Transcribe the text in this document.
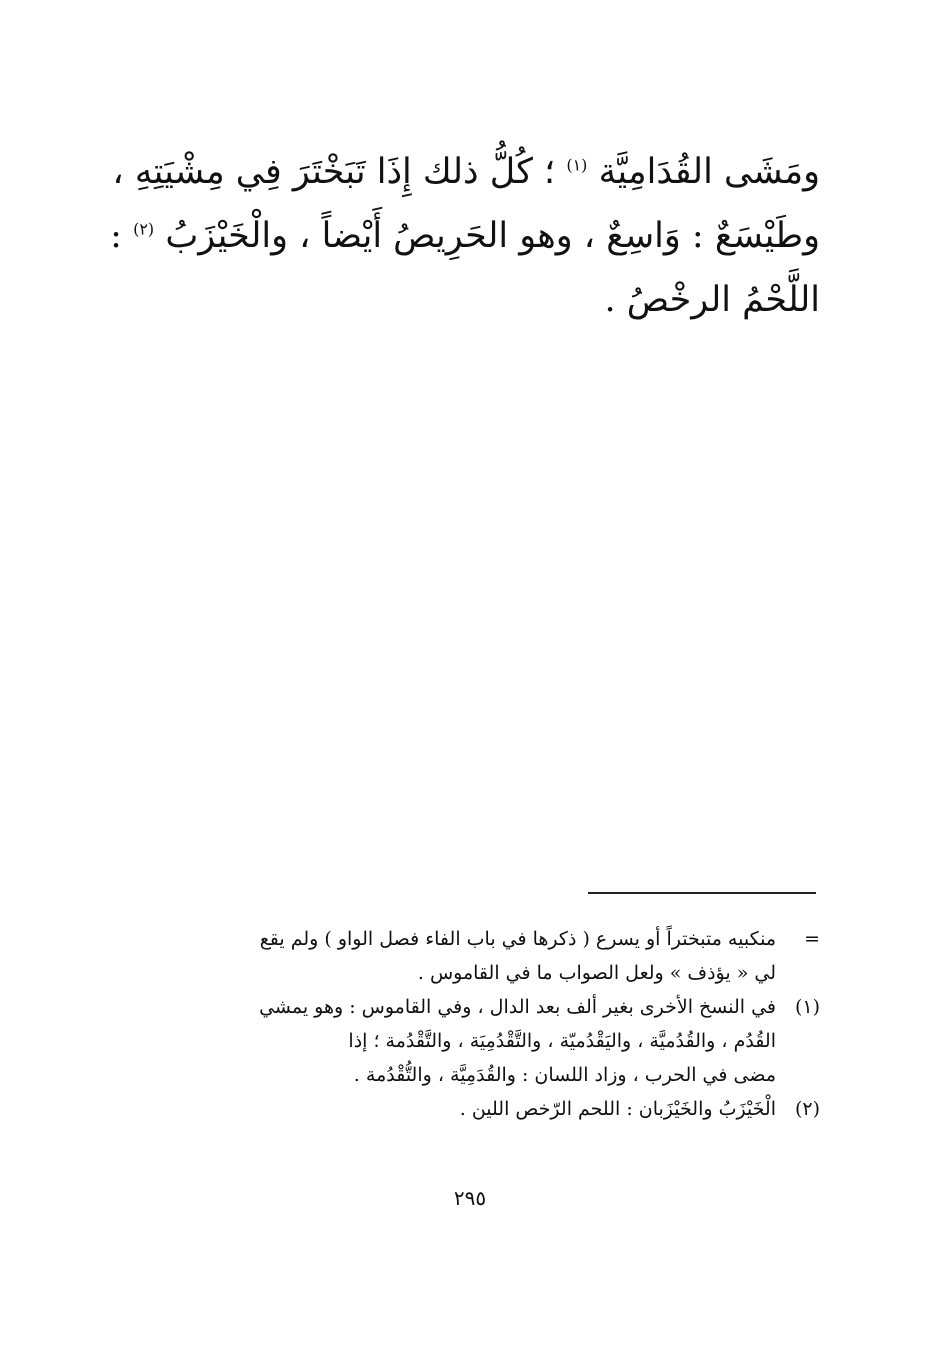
ومَشَى القُدَامِيَّة $^{(١)}$ ؛ كُلُّ ذلك إِذَا تَبَخْتَرَ فِي مِشْيَتِهِ ،
وطَيْسَعٌ : وَاسِعٌ ، وهو الحَرِيصُ أَيْضاً ، والْخَيْزَبُ $^{(٢)}$ :
اللَّحْمُ الرخْصُ .
=
منكبيه متبختراً أو يسرع ( ذكرها في باب الفاء فصل الواو ) ولم يقع
لي « يؤذف » ولعل الصواب ما في القاموس .
(١)
في النسخ الأخرى بغير ألف بعد الدال ، وفي القاموس : وهو يمشي
القُدُم ، والقُدُميَّة ، واليَقْدُميّة ، والتَّقْدُمِيَة ، والتَّقْدُمة ؛ إذا
مضى في الحرب ، وزاد اللسان : والقُدَمِيَّة ، والتُّقْدُمة .
(٢)
الْخَيْزَبُ والخَيْزَبان : اللحم الرّخص اللين .
٢٩٥
